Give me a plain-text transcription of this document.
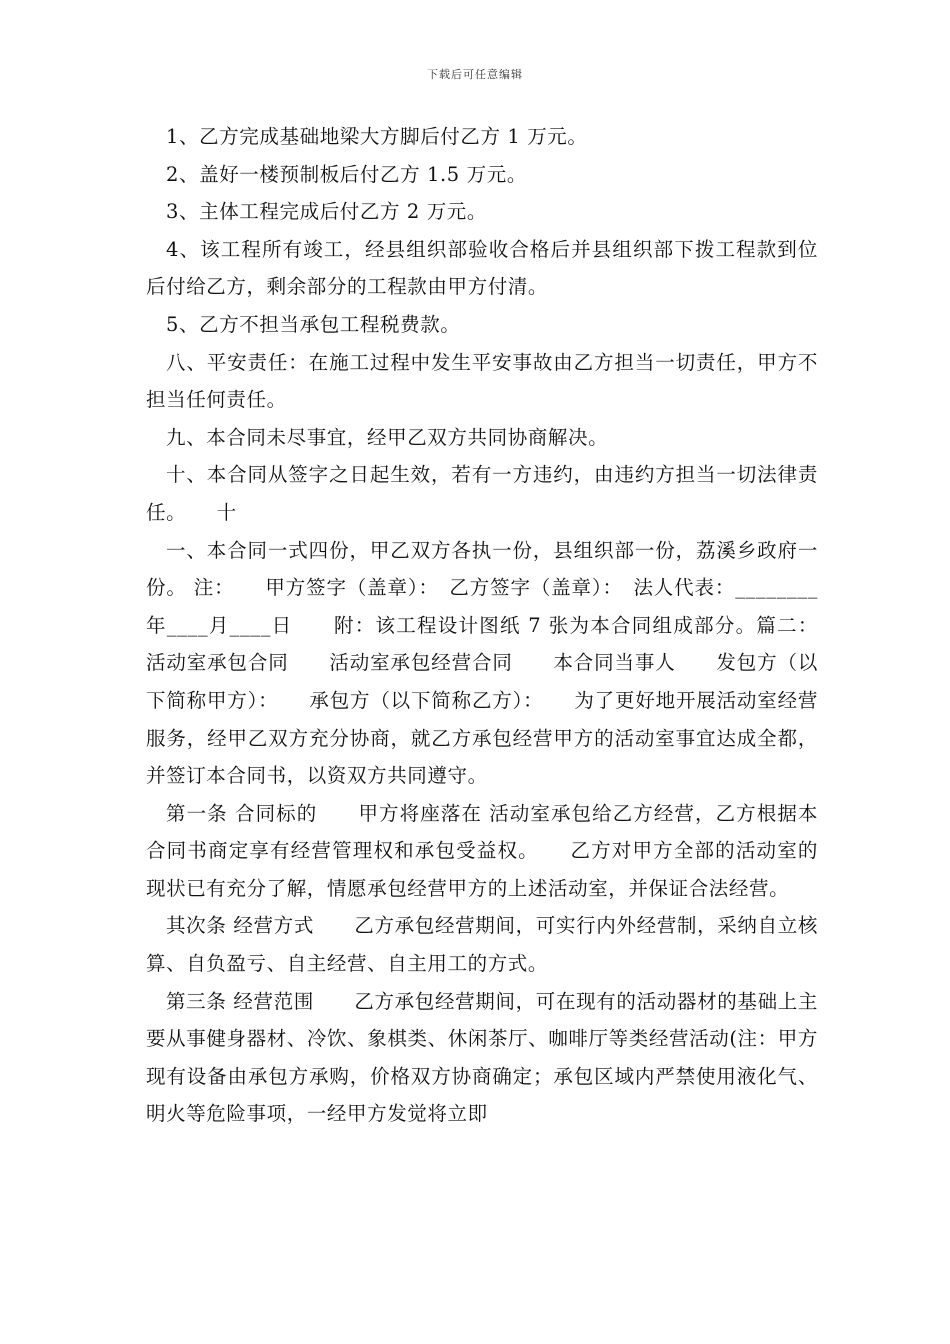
下载后可任意编辑

1、乙方完成基础地梁大方脚后付乙方 1 万元。

2、盖好一楼预制板后付乙方 1.5 万元。

3、主体工程完成后付乙方 2 万元。

4、该工程所有竣工，经县组织部验收合格后并县组织部下拨工程款到位后付给乙方，剩余部分的工程款由甲方付清。

5、乙方不担当承包工程税费款。

八、平安责任：在施工过程中发生平安事故由乙方担当一切责任，甲方不担当任何责任。

九、本合同未尽事宜，经甲乙双方共同协商解决。

十、本合同从签字之日起生效，若有一方违约，由违约方担当一切法律责任。　　十

一、本合同一式四份，甲乙双方各执一份，县组织部一份，荔溪乡政府一份。 注：　　甲方签字（盖章）：　乙方签字（盖章）：　法人代表：________年____月____日　　附：该工程设计图纸 7 张为本合同组成部分。篇二：活动室承包合同　　活动室承包经营合同　　本合同当事人　　发包方（以下简称甲方）：　　承包方（以下简称乙方）：　　为了更好地开展活动室经营服务，经甲乙双方充分协商，就乙方承包经营甲方的活动室事宜达成全都，并签订本合同书，以资双方共同遵守。

第一条 合同标的　　甲方将座落在 活动室承包给乙方经营，乙方根据本合同书商定享有经营管理权和承包受益权。　　乙方对甲方全部的活动室的现状已有充分了解，情愿承包经营甲方的上述活动室，并保证合法经营。

其次条 经营方式　　乙方承包经营期间，可实行内外经营制，采纳自立核算、自负盈亏、自主经营、自主用工的方式。

第三条 经营范围　　乙方承包经营期间，可在现有的活动器材的基础上主要从事健身器材、冷饮、象棋类、休闲茶厅、咖啡厅等类经营活动(注：甲方现有设备由承包方承购，价格双方协商确定；承包区域内严禁使用液化气、明火等危险事项，一经甲方发觉将立即
